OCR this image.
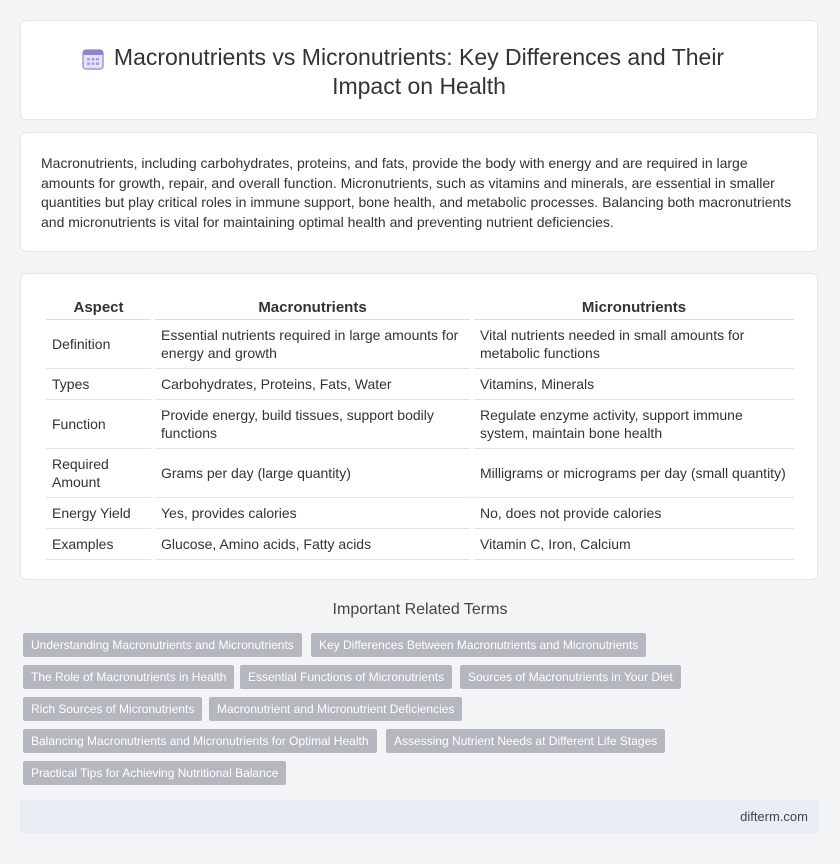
Macronutrients vs Micronutrients: Key Differences and Their
Impact on Health
Macronutrients, including carbohydrates, proteins, and fats, provide the body with energy and are required in large amounts for growth, repair, and overall function. Micronutrients, such as vitamins and minerals, are essential in smaller quantities but play critical roles in immune support, bone health, and metabolic processes. Balancing both macronutrients and micronutrients is vital for maintaining optimal health and preventing nutrient deficiencies.
Aspect	Macronutrients	Micronutrients
Definition	Essential nutrients required in large amounts for energy and growth	Vital nutrients needed in small amounts for metabolic functions
Types	Carbohydrates, Proteins, Fats, Water	Vitamins, Minerals
Function	Provide energy, build tissues, support bodily functions	Regulate enzyme activity, support immune system, maintain bone health
Required Amount	Grams per day (large quantity)	Milligrams or micrograms per day (small quantity)
Energy Yield	Yes, provides calories	No, does not provide calories
Examples	Glucose, Amino acids, Fatty acids	Vitamin C, Iron, Calcium
Important Related Terms
Understanding Macronutrients and Micronutrients	Key Differences Between Macronutrients and Micronutrients
The Role of Macronutrients in Health	Essential Functions of Micronutrients	Sources of Macronutrients in Your Diet
Rich Sources of Micronutrients	Macronutrient and Micronutrient Deficiencies
Balancing Macronutrients and Micronutrients for Optimal Health	Assessing Nutrient Needs at Different Life Stages
Practical Tips for Achieving Nutritional Balance
difterm.com
